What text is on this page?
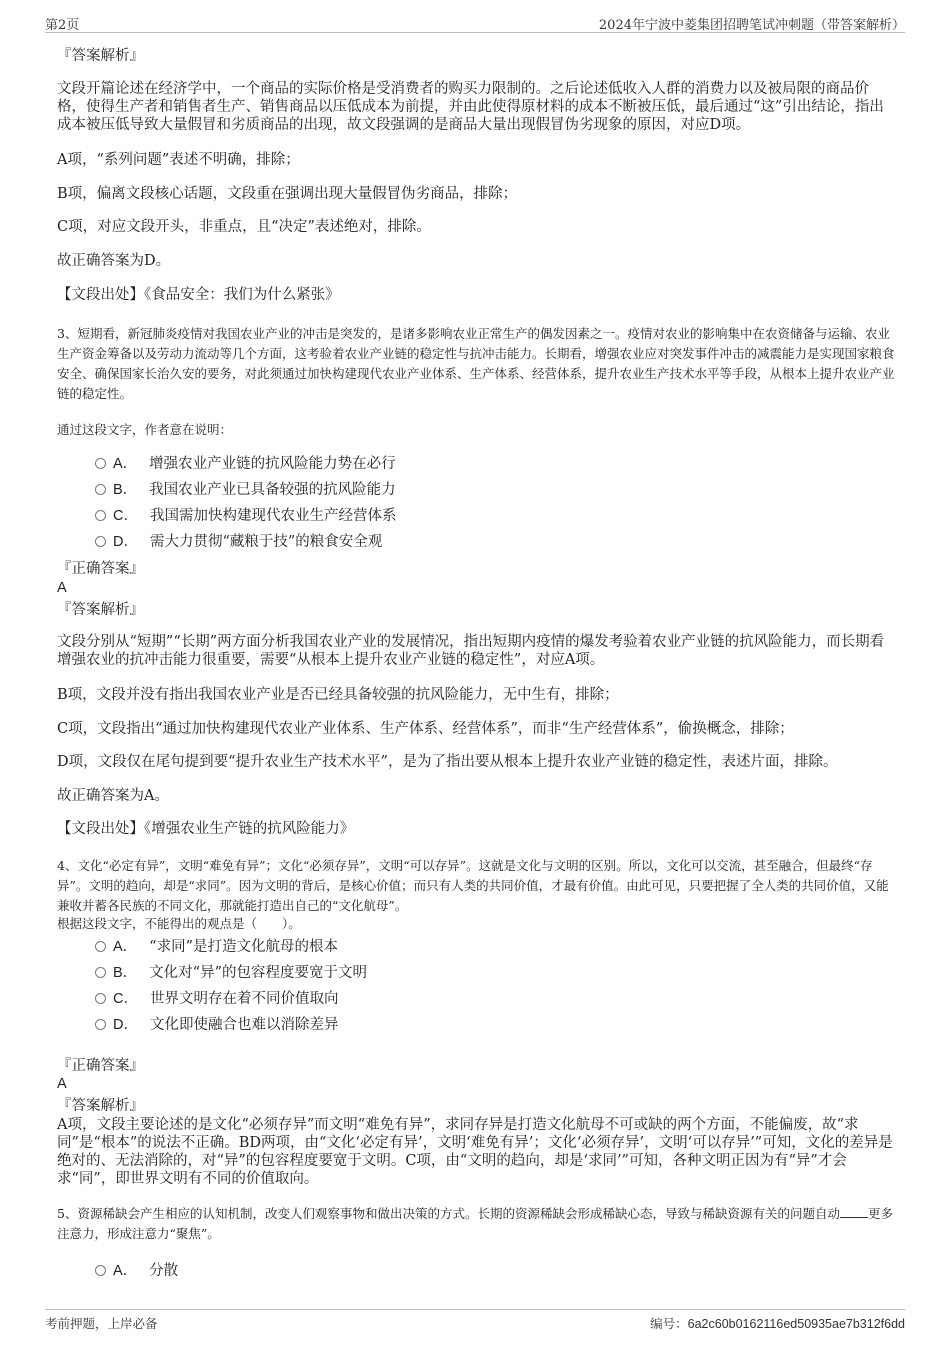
第2页	2024年宁波中菱集团招聘笔试冲刺题（带答案解析）
『答案解析』
文段开篇论述在经济学中，一个商品的实际价格是受消费者的购买力限制的。之后论述低收入人群的消费力以及被局限的商品价格，使得生产者和销售者生产、销售商品以压低成本为前提，并由此使得原材料的成本不断被压低，最后通过“这”引出结论，指出成本被压低导致大量假冒和劣质商品的出现，故文段强调的是商品大量出现假冒伪劣现象的原因，对应D项。
A项，“系列问题”表述不明确，排除；
B项，偏离文段核心话题，文段重在强调出现大量假冒伪劣商品，排除；
C项，对应文段开头，非重点，且“决定”表述绝对，排除。
故正确答案为D。
【文段出处】《食品安全：我们为什么紧张》
3、短期看，新冠肺炎疫情对我国农业产业的冲击是突发的，是诸多影响农业正常生产的偶发因素之一。疫情对农业的影响集中在农资储备与运输、农业生产资金筹备以及劳动力流动等几个方面，这考验着农业产业链的稳定性与抗冲击能力。长期看，增强农业应对突发事件冲击的减震能力是实现国家粮食安全、确保国家长治久安的要务，对此须通过加快构建现代农业产业体系、生产体系、经营体系，提升农业生产技术水平等手段，从根本上提升农业产业链的稳定性。
通过这段文字，作者意在说明：
A． 增强农业产业链的抗风险能力势在必行
B． 我国农业产业已具备较强的抗风险能力
C． 我国需加快构建现代农业生产经营体系
D． 需大力贯彻“藏粮于技”的粮食安全观
『正确答案』
A
『答案解析』
文段分别从“短期”“长期”两方面分析我国农业产业的发展情况，指出短期内疫情的爆发考验着农业产业链的抗风险能力，而长期看增强农业的抗冲击能力很重要，需要“从根本上提升农业产业链的稳定性”，对应A项。
B项，文段并没有指出我国农业产业是否已经具备较强的抗风险能力，无中生有，排除；
C项，文段指出“通过加快构建现代农业产业体系、生产体系、经营体系”，而非“生产经营体系”，偷换概念，排除；
D项，文段仅在尾句提到要“提升农业生产技术水平”，是为了指出要从根本上提升农业产业链的稳定性，表述片面，排除。
故正确答案为A。
【文段出处】《增强农业生产链的抗风险能力》
4、文化“必定有异”，文明“难免有异”；文化“必须存异”，文明“可以存异”。这就是文化与文明的区别。所以，文化可以交流，甚至融合，但最终“存异”。文明的趋向，却是“求同”。因为文明的背后，是核心价值；而只有人类的共同价值，才最有价值。由此可见，只要把握了全人类的共同价值，又能兼收并蓄各民族的不同文化，那就能打造出自己的“文化航母”。
根据这段文字，不能得出的观点是（　　）。
A． “求同”是打造文化航母的根本
B． 文化对“异”的包容程度要宽于文明
C． 世界文明存在着不同价值取向
D． 文化即使融合也难以消除差异
『正确答案』
A
『答案解析』
A项，文段主要论述的是文化“必须存异”而文明“难免有异”，求同存异是打造文化航母不可或缺的两个方面，不能偏废，故“求同”是“根本”的说法不正确。BD两项，由“文化‘必定有异’，文明‘难免有异’；文化‘必须存异’，文明‘可以存异’”可知，文化的差异是绝对的、无法消除的，对“异”的包容程度要宽于文明。C项，由“文明的趋向，却是‘求同’”可知，各种文明正因为有“异”才会求“同”，即世界文明有不同的价值取向。
5、资源稀缺会产生相应的认知机制，改变人们观察事物和做出决策的方式。长期的资源稀缺会形成稀缺心态，导致与稀缺资源有关的问题自动 更多注意力，形成注意力“聚焦”。
A． 分散
考前押题，上岸必备	编号：6a2c60b0162116ed50935ae7b312f6dd
